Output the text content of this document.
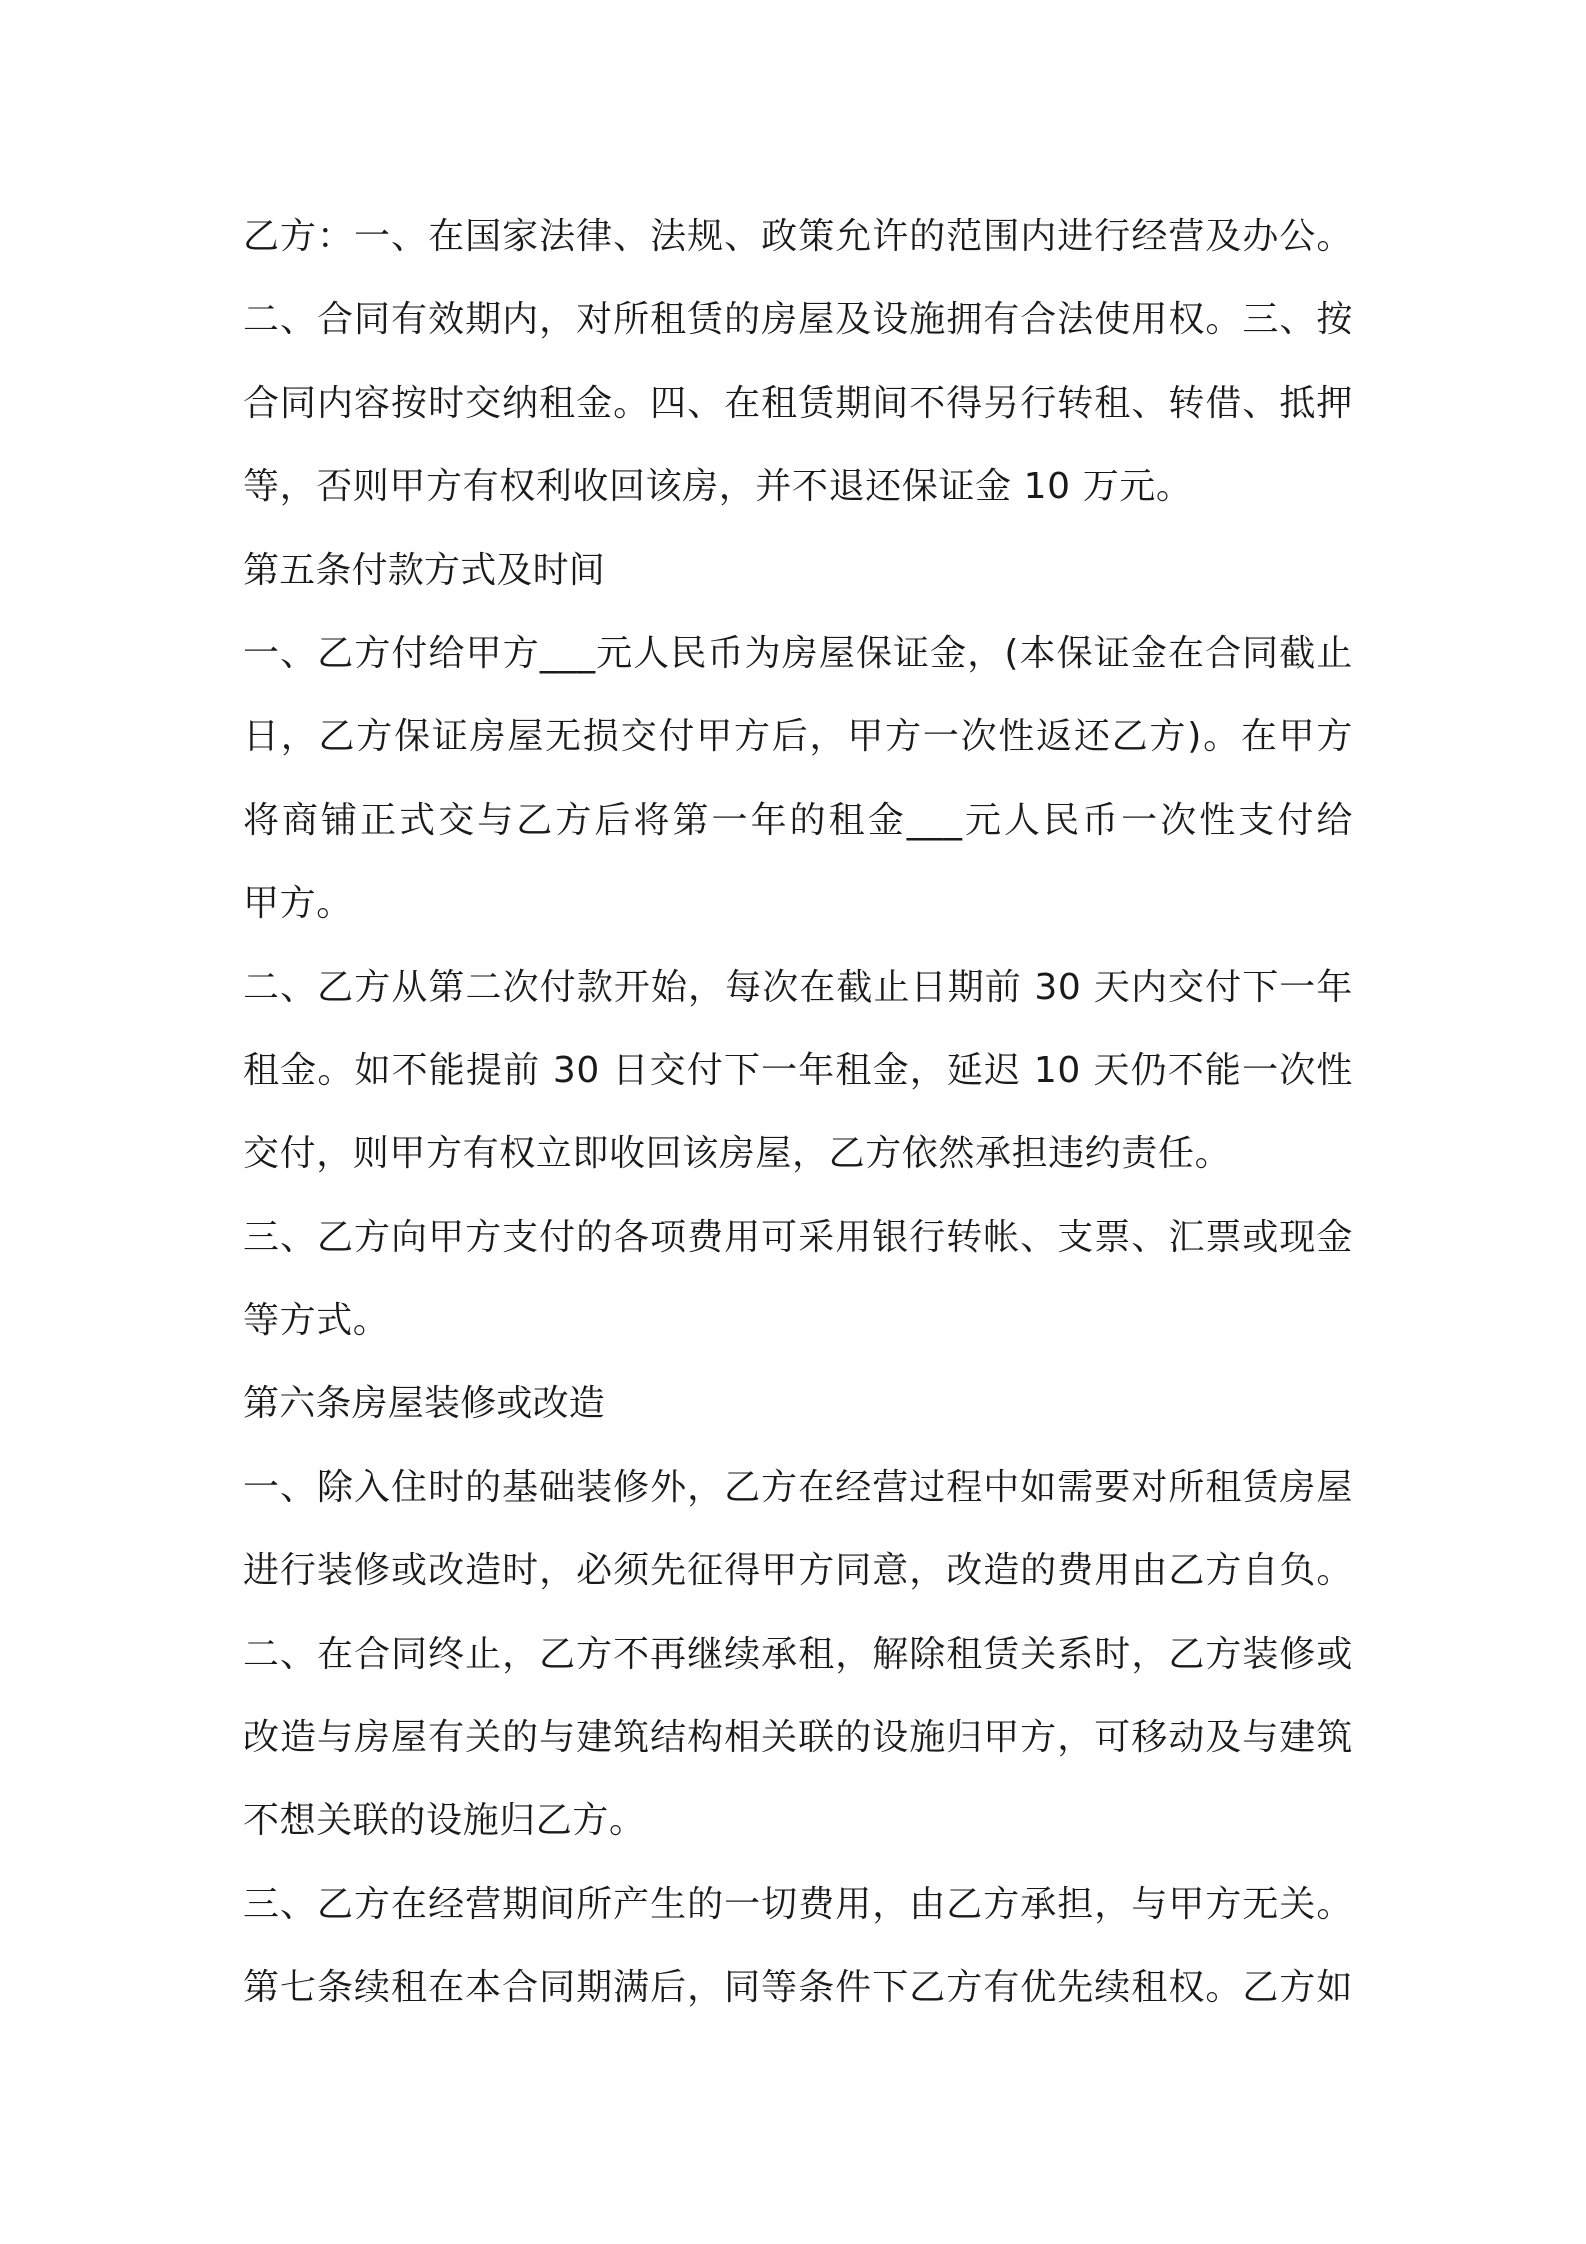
乙方：一、在国家法律、法规、政策允许的范围内进行经营及办公。
二、合同有效期内，对所租赁的房屋及设施拥有合法使用权。三、按
合同内容按时交纳租金。四、在租赁期间不得另行转租、转借、抵押
等，否则甲方有权利收回该房，并不退还保证金 10 万元。
第五条付款方式及时间
一、乙方付给甲方___元人民币为房屋保证金，(本保证金在合同截止
日，乙方保证房屋无损交付甲方后，甲方一次性返还乙方)。在甲方
将商铺正式交与乙方后将第一年的租金___元人民币一次性支付给
甲方。
二、乙方从第二次付款开始，每次在截止日期前 30 天内交付下一年
租金。如不能提前 30 日交付下一年租金，延迟 10 天仍不能一次性
交付，则甲方有权立即收回该房屋，乙方依然承担违约责任。
三、乙方向甲方支付的各项费用可采用银行转帐、支票、汇票或现金
等方式。
第六条房屋装修或改造
一、除入住时的基础装修外，乙方在经营过程中如需要对所租赁房屋
进行装修或改造时，必须先征得甲方同意，改造的费用由乙方自负。
二、在合同终止，乙方不再继续承租，解除租赁关系时，乙方装修或
改造与房屋有关的与建筑结构相关联的设施归甲方，可移动及与建筑
不想关联的设施归乙方。
三、乙方在经营期间所产生的一切费用，由乙方承担，与甲方无关。
第七条续租在本合同期满后，同等条件下乙方有优先续租权。乙方如
